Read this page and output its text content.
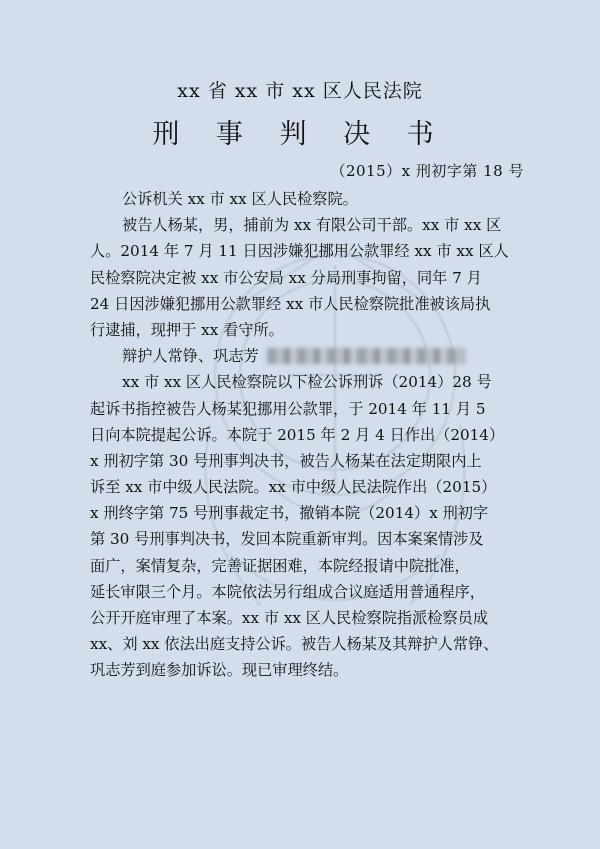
xx 省 xx 市 xx 区人民法院
刑 事 判 决 书
（2015）x 刑初字第 18 号
公诉机关 xx 市 xx 区人民检察院。
被告人杨某，男，捕前为 xx 有限公司干部。xx 市 xx 区
人。2014 年 7 月 11 日因涉嫌犯挪用公款罪经 xx 市 xx 区人
民检察院决定被 xx 市公安局 xx 分局刑事拘留，同年 7 月
24 日因涉嫌犯挪用公款罪经 xx 市人民检察院批准被该局执
行逮捕，现押于 xx 看守所。
辩护人常铮、巩志芳
xx 市 xx 区人民检察院以下检公诉刑诉（2014）28 号
起诉书指控被告人杨某犯挪用公款罪，于 2014 年 11 月 5
日向本院提起公诉。本院于 2015 年 2 月 4 日作出（2014）
x 刑初字第 30 号刑事判决书，被告人杨某在法定期限内上
诉至 xx 市中级人民法院。xx 市中级人民法院作出（2015）
x 刑终字第 75 号刑事裁定书，撤销本院（2014）x 刑初字
第 30 号刑事判决书，发回本院重新审判。因本案案情涉及
面广，案情复杂，完善证据困难，本院经报请中院批准，
延长审限三个月。本院依法另行组成合议庭适用普通程序，
公开开庭审理了本案。xx 市 xx 区人民检察院指派检察员成
xx、刘 xx 依法出庭支持公诉。被告人杨某及其辩护人常铮、
巩志芳到庭参加诉讼。现已审理终结。
